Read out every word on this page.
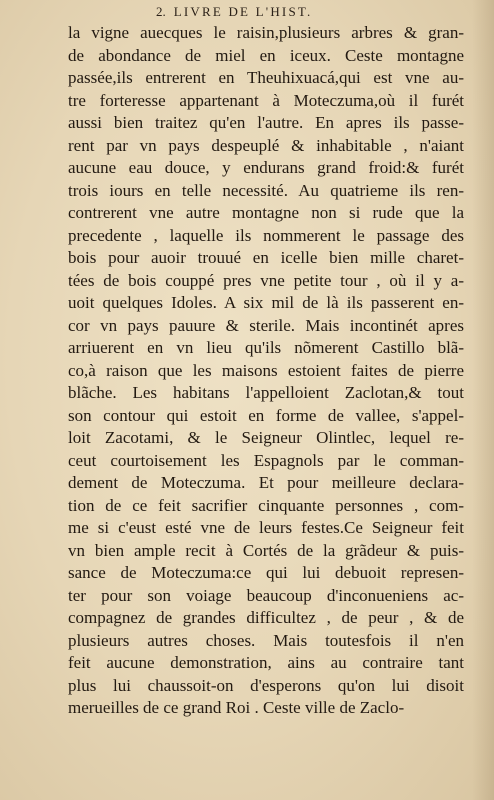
2. LIVRE DE L'HIST.
la vigne auecques le raisin,plusieurs arbres & gran-
de abondance de miel en iceux. Ceste montagne
passée,ils entrerent en Theuhixuacá,qui est vne au-
tre forteresse appartenant à Moteczuma,où il furét
aussi bien traitez qu'en l'autre. En apres ils passe-
rent par vn pays despeuplé & inhabitable , n'aiant
aucune eau douce, y endurans grand froid:& furét
trois iours en telle necessité. Au quatrieme ils ren-
contrerent vne autre montagne non si rude que la
precedente , laquelle ils nommerent le passage des
bois pour auoir trouué en icelle bien mille charet-
tées de bois couppé pres vne petite tour , où il y a-
uoit quelques Idoles. A six mil de là ils passerent en-
cor vn pays pauure & sterile. Mais incontinét apres
arriuerent en vn lieu qu'ils nõmerent Castillo blã-
co,à raison que les maisons estoient faites de pierre
blãche. Les habitans l'appelloient Zaclotan,& tout
son contour qui estoit en forme de vallee, s'appel-
loit Zacotami, & le Seigneur Olintlec, lequel re-
ceut courtoisement les Espagnols par le comman-
dement de Moteczuma. Et pour meilleure declara-
tion de ce feit sacrifier cinquante personnes , com-
me si c'eust esté vne de leurs festes.Ce Seigneur feit
vn bien ample recit à Cortés de la grãdeur & puis-
sance de Moteczuma:ce qui lui debuoit represen-
ter pour son voiage beaucoup d'inconueniens ac-
compagnez de grandes difficultez , de peur , & de
plusieurs autres choses. Mais toutesfois il n'en
feit aucune demonstration, ains au contraire tant
plus lui chaussoit-on d'esperons qu'on lui disoit
merueilles de ce grand Roi . Ceste ville de Zaclo-
